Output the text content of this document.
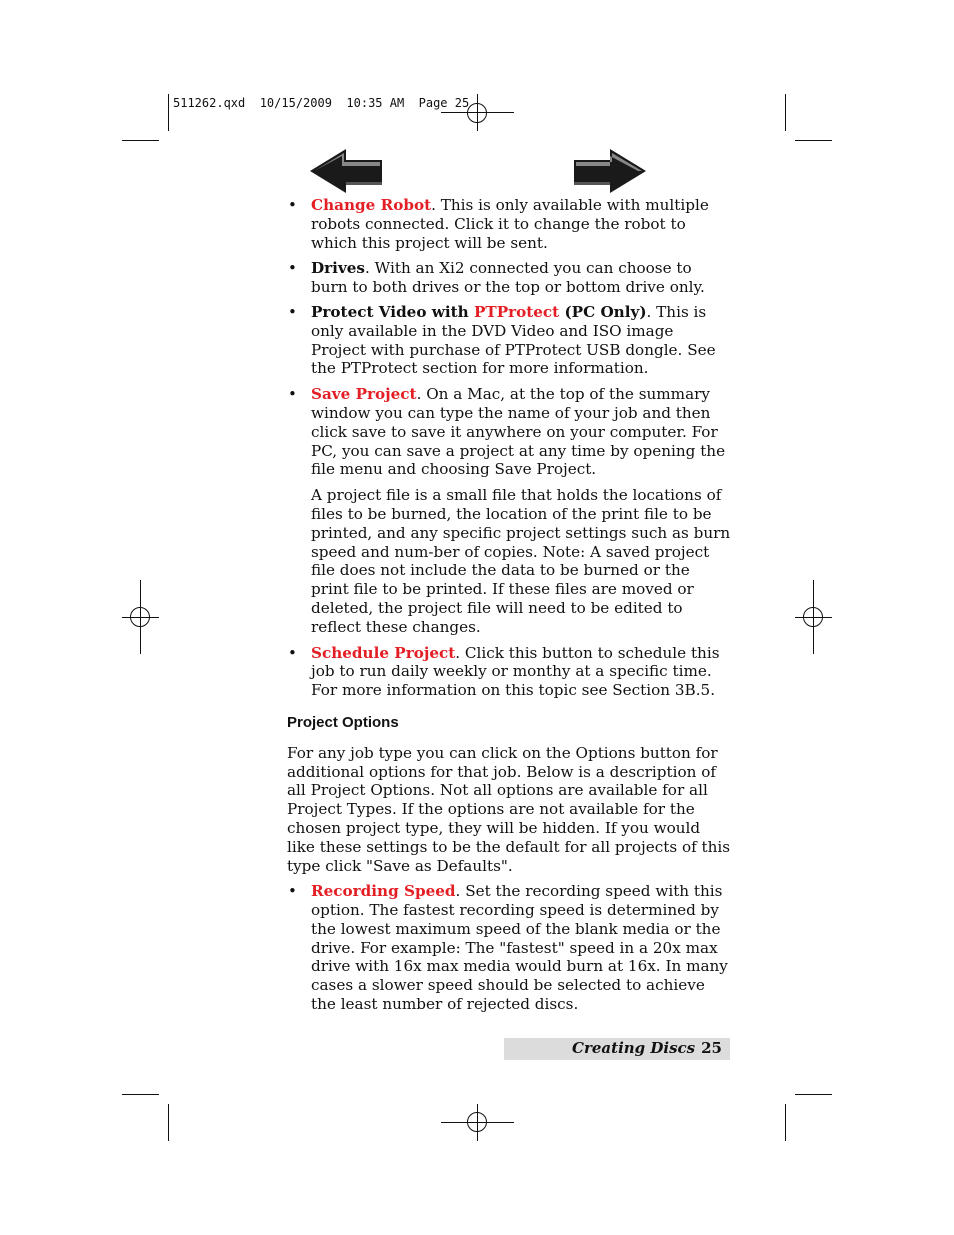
511262.qxd  10/15/2009  10:35 AM  Page 25
• Change Robot. This is only available with multiple robots connected. Click it to change the robot to which this project will be sent.
• Drives. With an Xi2 connected you can choose to burn to both drives or the top or bottom drive only.
• Protect Video with PTProtect (PC Only). This is only available in the DVD Video and ISO image Project with purchase of PTProtect USB dongle. See the PTProtect section for more information.
• Save Project. On a Mac, at the top of the summary window you can type the name of your job and then click save to save it anywhere on your computer. For PC, you can save a project at any time by opening the file menu and choosing Save Project.
A project file is a small file that holds the locations of files to be burned, the location of the print file to be printed, and any specific project settings such as burn speed and num-ber of copies. Note: A saved project file does not include the data to be burned or the print file to be printed. If these files are moved or deleted, the project file will need to be edited to reflect these changes.
• Schedule Project. Click this button to schedule this job to run daily weekly or monthy at a specific time. For more information on this topic see Section 3B.5.
Project Options
For any job type you can click on the Options button for additional options for that job. Below is a description of all Project Options. Not all options are available for all Project Types. If the options are not available for the chosen project type, they will be hidden. If you would like these settings to be the default for all projects of this type click "Save as Defaults".
• Recording Speed. Set the recording speed with this option. The fastest recording speed is determined by the lowest maximum speed of the blank media or the drive. For example: The "fastest" speed in a 20x max drive with 16x max media would burn at 16x. In many cases a slower speed should be selected to achieve the least number of rejected discs.
Creating Discs 25
